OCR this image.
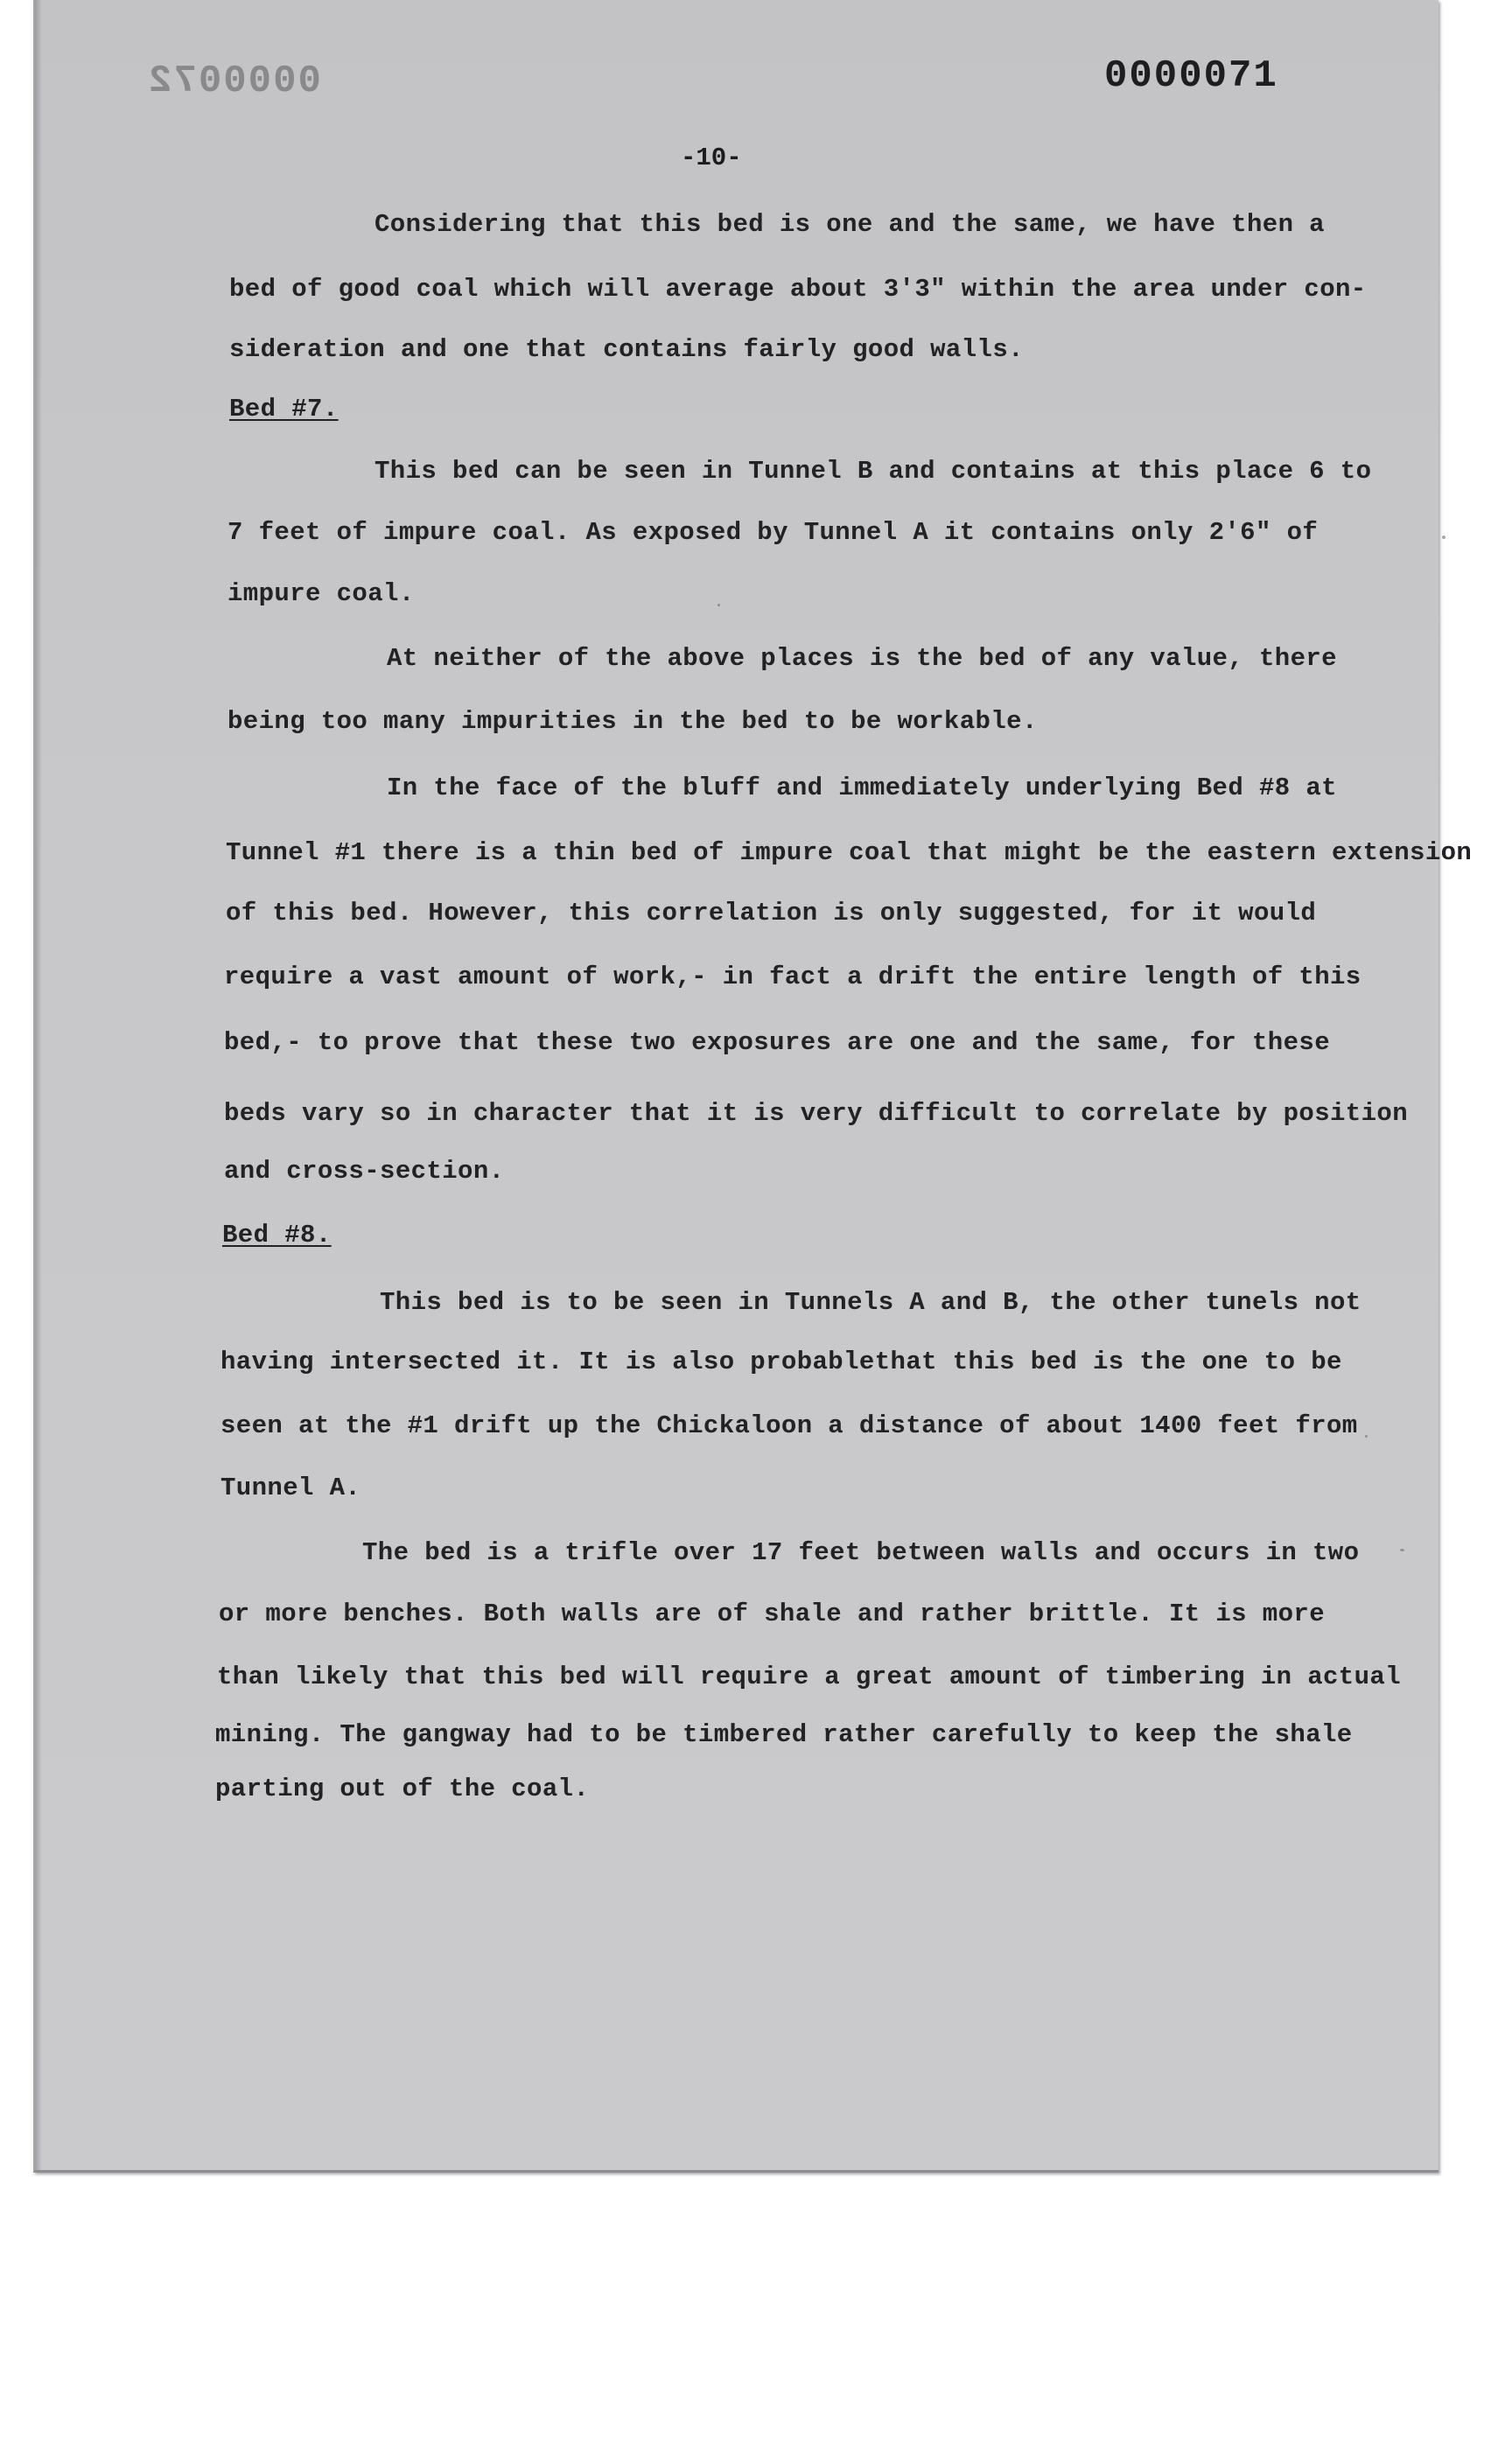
0000072	0000071
-10-
Considering that this bed is one and the same, we have then a
bed of good coal which will average about 3'3" within the area under con-
sideration and one that contains fairly good walls.
Bed #7.
This bed can be seen in Tunnel B and contains at this place 6 to
7 feet of impure coal. As exposed by Tunnel A it contains only 2'6" of
impure coal.
At neither of the above places is the bed of any value, there
being too many impurities in the bed to be workable.
In the face of the bluff and immediately underlying Bed #8 at
Tunnel #1 there is a thin bed of impure coal that might be the eastern extension
of this bed. However, this correlation is only suggested, for it would
require a vast amount of work,- in fact a drift the entire length of this
bed,- to prove that these two exposures are one and the same, for these
beds vary so in character that it is very difficult to correlate by position
and cross-section.
Bed #8.
This bed is to be seen in Tunnels A and B, the other tunels not
having intersected it. It is also probablethat this bed is the one to be
seen at the #1 drift up the Chickaloon a distance of about 1400 feet from
Tunnel A.
The bed is a trifle over 17 feet between walls and occurs in two
or more benches. Both walls are of shale and rather brittle. It is more
than likely that this bed will require a great amount of timbering in actual
mining. The gangway had to be timbered rather carefully to keep the shale
parting out of the coal.
